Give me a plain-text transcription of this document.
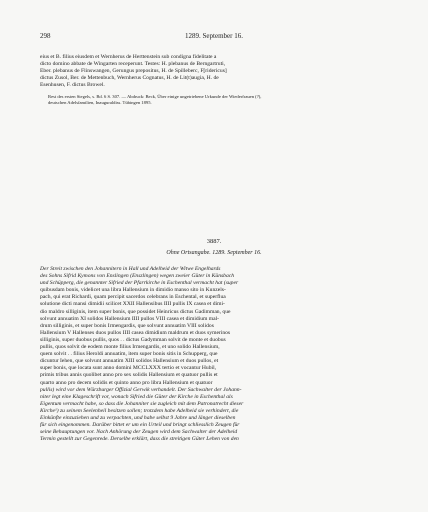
298	1289. September 16.
eius et B. filius eiusdem et Wernherus de Herttenstein sub condigna fidelitate a
dicto domino abbate de Wingarten receperunt. Testes: H. plebanus de Berngartruti,
Eber. plebanus de Flinswangen, Gerungus prepositus, H. de Spilleberc, F[ridericus]
dictus Zusol, Ber. de Mettenbuch, Wernherus Cognatus, H. de Lit(t)augia, H. de
Esenhusen, F. dictus Browel.
Rest des ersten Siegels, s. Bd. 6 S. 307. — Abdruck: Beck, Über einige ungetriebene Urkunde der Wiederfrauen (?),
deutschen Adelsfamilien, Inauguraldiss. Tübingen 1895.
3887.
Ohne Ortsangabe. 1289. September 16.
Der Streit zwischen den Johannitern in Hall und Adelheid der Witwe Engelhards
des Sohns Sifrid Kymons von Enslingen (Enszlingen) wegen zweier Güter in Künsbach
und Schüpperg, die genannter Sifried der Pfarrkirche in Eschenthal vermacht hat (super
quibusdam bonis, videlicet una libra Hallensium in dimidio manso sito in Kunzels-
pach, qui erat Richardi, quam percipit sacerdos celebrans in Eschental, et superflua
solutione dicti mansi dimidii scilicet XXII Hallensibus IIII pullis IX casea et dimi-
dio maldro silliginis, item super bonis, que possidet Heinricus dictus Gadimman, que
solvunt annuatim XI solidos Hallensium IIII pullos VIII casea et dimidium mal-
drum silliginis, et super bonis Irmengardis, que solvunt annuatim VIII solidos
Hallensium V Hallenses duos pullos IIII casea dimidium maldrum et duos symerinos
silliginis, super duobus pullis, quos . . dictus Gadymman solvit de monte et duobus
pullis, quos solvit de eodem monte filius Irmengardis, et uno solido Hallensium,
quem solvit . . filius Heroldi annuatim, item super bonis sitis in Schupperg, que
dicuntur Iehen, que solvunt annuatim XIII solidos Hallensium et duos pullos, et
super bonis, que locata sunt anno domini MCCLXXX tertio et vocantur Hubil,
primis tribus annis quolibet anno pro sex solidis Hallensium et quatuor pullis et
quarto anno pro decem solidis et quinto anno pro libra Hallensium et quatuor
pullis) wird vor dem Würzburger Offizial Gerwik verhandelt. Der Sachwalter der Johann-
niter legt eine Klageschrift vor, wonach Sifried die Güter der Kirche in Eschenthal als
Eigentum vermacht habe, so dass die Johanniter sie zugleich mit dem Patronatrecht dieser
Kirche¹) zu seinem Seelenheil besitzen sollen; trotzdem habe Adelheid sie verhindert, die
Einkünfte einzuziehen und zu verpachten, und habe selbst 9 Jahre und länger dieselben
für sich eingenommen. Darüber bittet er um ein Urteil und bringt schliesslich Zeugen für
seine Behauptungen vor. Nach Anhörung der Zeugen wird dem Sachwalter der Adelheid
Termin gestellt zur Gegenrede. Derselbe erklärt, dass die streitigen Güter Lehen von den
